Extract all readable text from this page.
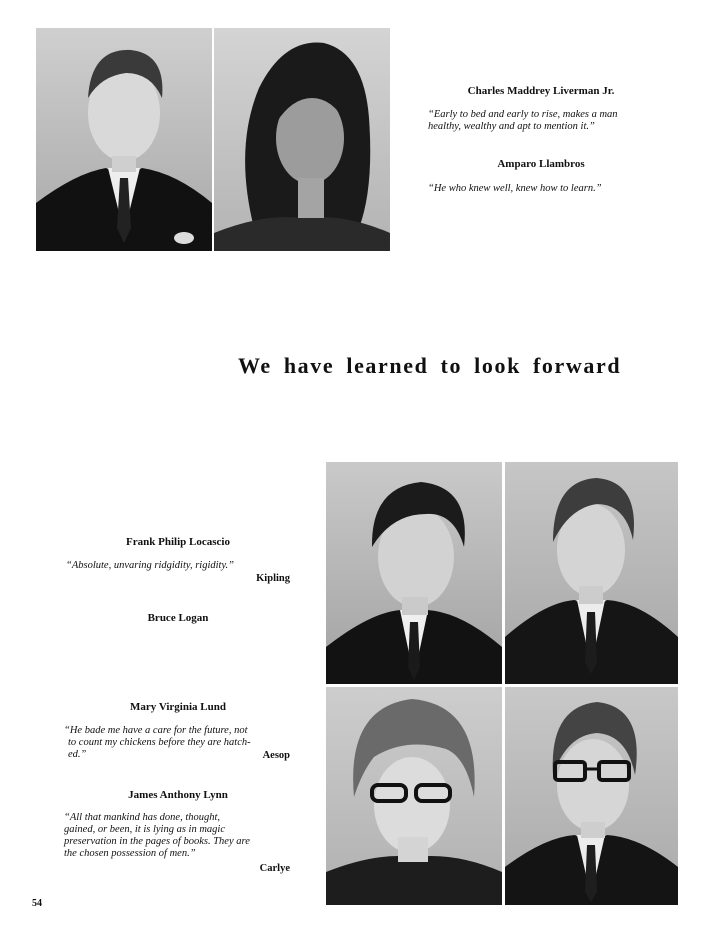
Charles Maddrey Liverman Jr.
“Early to bed and early to rise, makes a man
healthy, wealthy and apt to mention it.”
Amparo Llambros
“He who knew well, knew how to learn.”
We have learned to look forward
Frank Philip Locascio
“Absolute, unvaring ridgidity, rigidity.”
Kipling
Bruce Logan
Mary Virginia Lund
“He bade me have a care for the future, not
to count my chickens before they are hatch-
ed.”	Aesop
James Anthony Lynn
“All that mankind has done, thought,
gained, or been, it is lying as in magic
preservation in the pages of books. They are
the chosen possession of men.”
Carlye
54
